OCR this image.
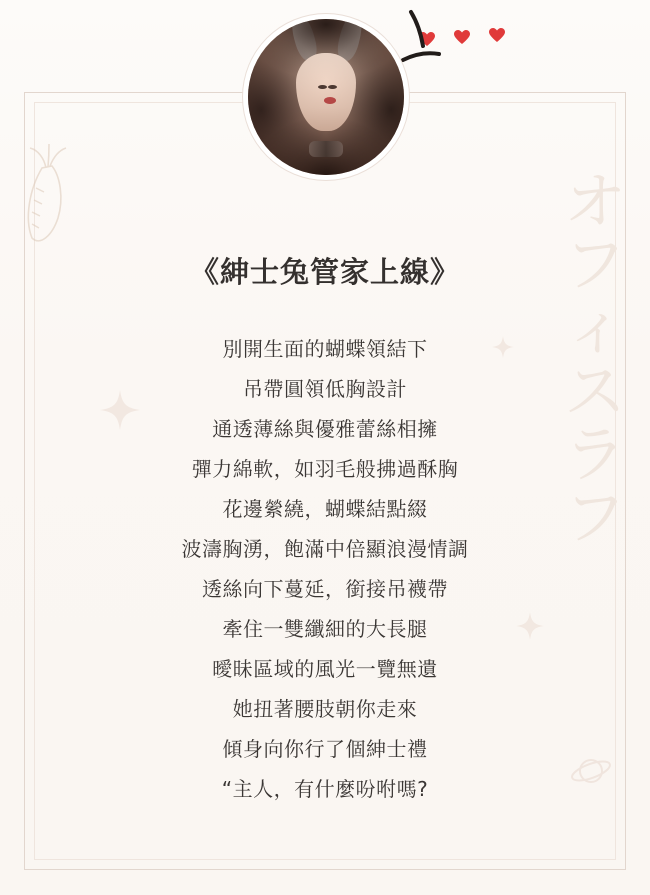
オ
フ
ィ
ス
ラ
フ
《紳士兔管家上線》
別開生面的蝴蝶領結下
吊帶圓領低胸設計
通透薄絲與優雅蕾絲相擁
彈力綿軟，如羽毛般拂過酥胸
花邊縈繞，蝴蝶結點綴
波濤胸湧，飽滿中倍顯浪漫情調
透絲向下蔓延，銜接吊襪帶
牽住一雙纖細的大長腿
曖昧區域的風光一覽無遺
她扭著腰肢朝你走來
傾身向你行了個紳士禮
“主人，有什麼吩咐嗎?
